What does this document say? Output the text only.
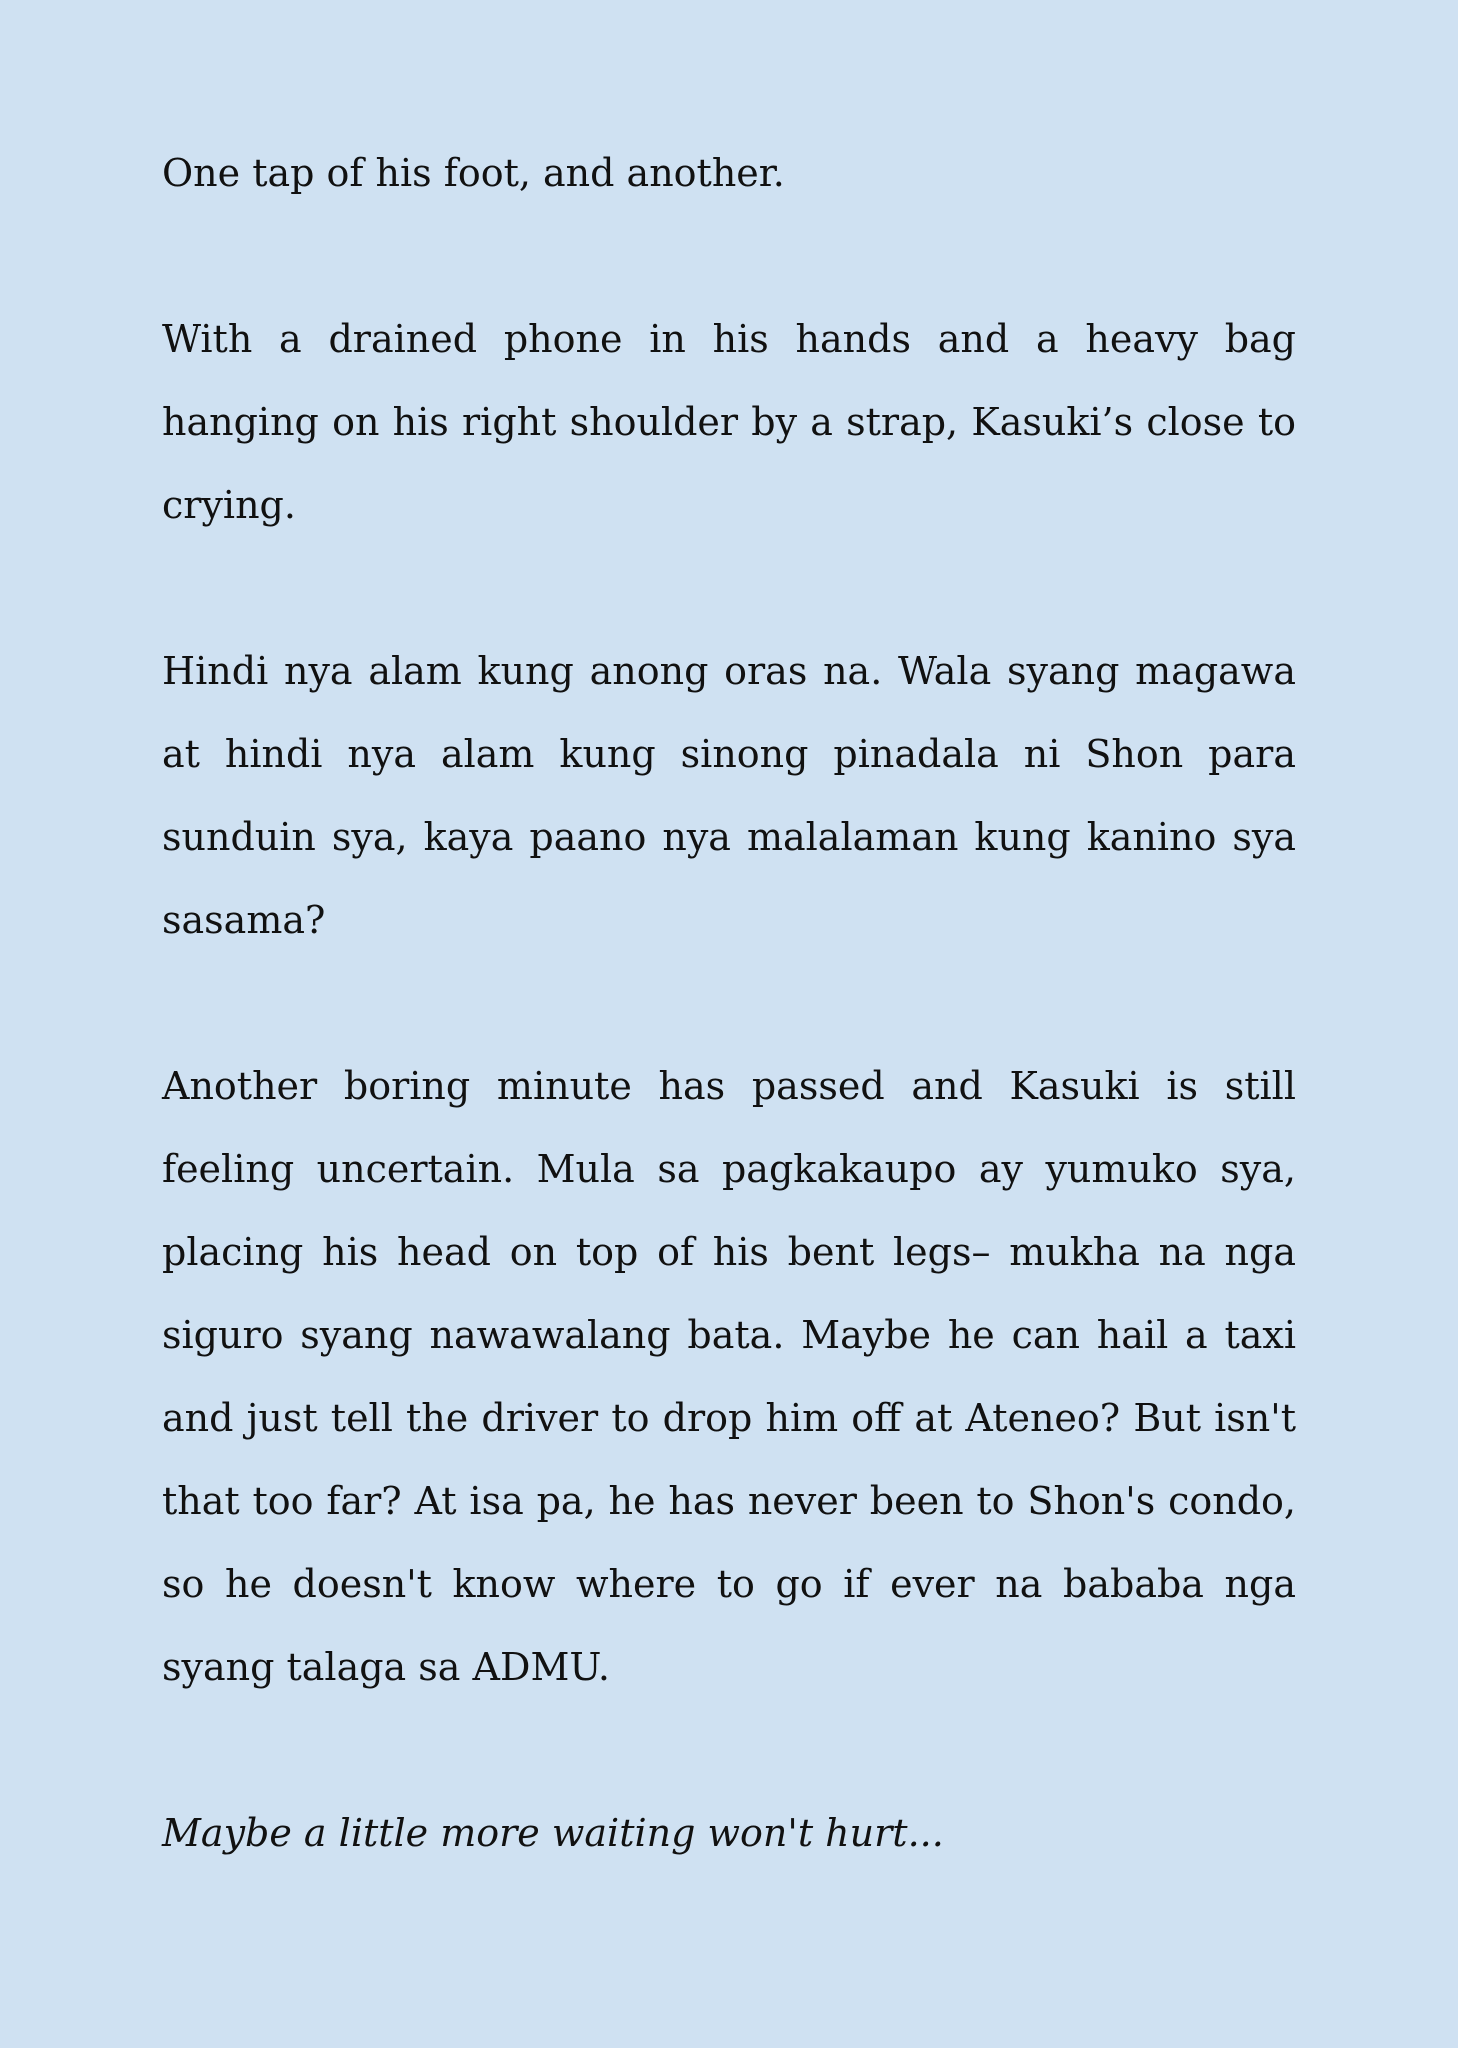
One tap of his foot, and another.

With a drained phone in his hands and a heavy bag hanging on his right shoulder by a strap, Kasuki’s close to crying.

Hindi nya alam kung anong oras na. Wala syang magawa at hindi nya alam kung sinong pinadala ni Shon para sunduin sya, kaya paano nya malalaman kung kanino sya sasama?

Another boring minute has passed and Kasuki is still feeling uncertain. Mula sa pagkakaupo ay yumuko sya, placing his head on top of his bent legs– mukha na nga siguro syang nawawalang bata. Maybe he can hail a taxi and just tell the driver to drop him off at Ateneo? But isn't that too far? At isa pa, he has never been to Shon's condo, so he doesn't know where to go if ever na bababa nga syang talaga sa ADMU.

Maybe a little more waiting won't hurt...
